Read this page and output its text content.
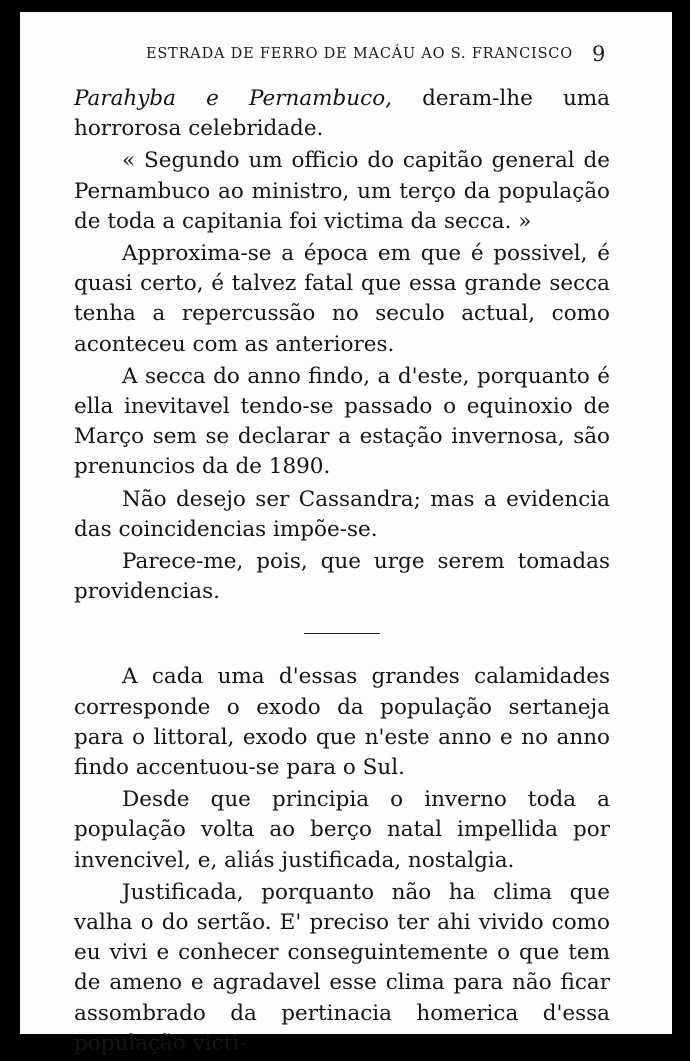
ESTRADA DE FERRO DE MACÁU AO S. FRANCISCO 9

Parahyba e Pernambuco, deram-lhe uma horrorosa celebridade.

« Segundo um officio do capitão general de Pernambuco ao ministro, um terço da população de toda a capitania foi victima da secca. »

Approxima-se a época em que é possivel, é quasi certo, é talvez fatal que essa grande secca tenha a repercussão no seculo actual, como aconteceu com as anteriores.

A secca do anno findo, a d'este, porquanto é ella inevitavel tendo-se passado o equinoxio de Março sem se declarar a estação invernosa, são prenuncios da de 1890.

Não desejo ser Cassandra; mas a evidencia das coincidencias impõe-se.

Parece-me, pois, que urge serem tomadas providencias.

A cada uma d'essas grandes calamidades corresponde o exodo da população sertaneja para o littoral, exodo que n'este anno e no anno findo accentuou-se para o Sul.

Desde que principia o inverno toda a população volta ao berço natal impellida por invencivel, e, aliás justificada, nostalgia.

Justificada, porquanto não ha clima que valha o do sertão. E' preciso ter ahi vivido como eu vivi e conhecer conseguintemente o que tem de ameno e agradavel esse clima para não ficar assombrado da pertinacia homerica d'essa população victi-
